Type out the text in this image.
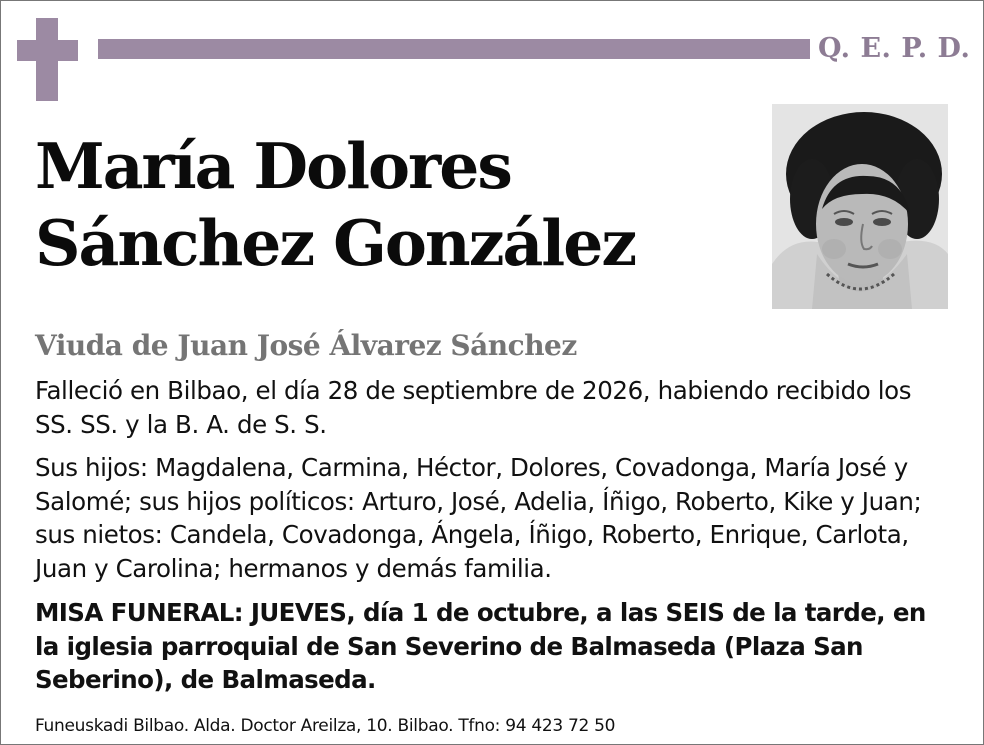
Q. E. P. D.
María Dolores
Sánchez González
Viuda de Juan José Álvarez Sánchez
Falleció en Bilbao, el día 28 de septiembre de 2026, habiendo recibido los SS. SS. y la B. A. de S. S.
Sus hijos: Magdalena, Carmina, Héctor, Dolores, Covadonga, María José y Salomé; sus hijos políticos: Arturo, José, Adelia, Íñigo, Roberto, Kike y Juan; sus nietos: Candela, Covadonga, Ángela, Íñigo, Roberto, Enrique, Carlota, Juan y Carolina; hermanos y demás familia.
MISA FUNERAL: JUEVES, día 1 de octubre, a las SEIS de la tarde, en la iglesia parroquial de San Severino de Balmaseda (Plaza San Seberino), de Balmaseda.
Funeuskadi Bilbao. Alda. Doctor Areilza, 10. Bilbao. Tfno: 94 423 72 50
